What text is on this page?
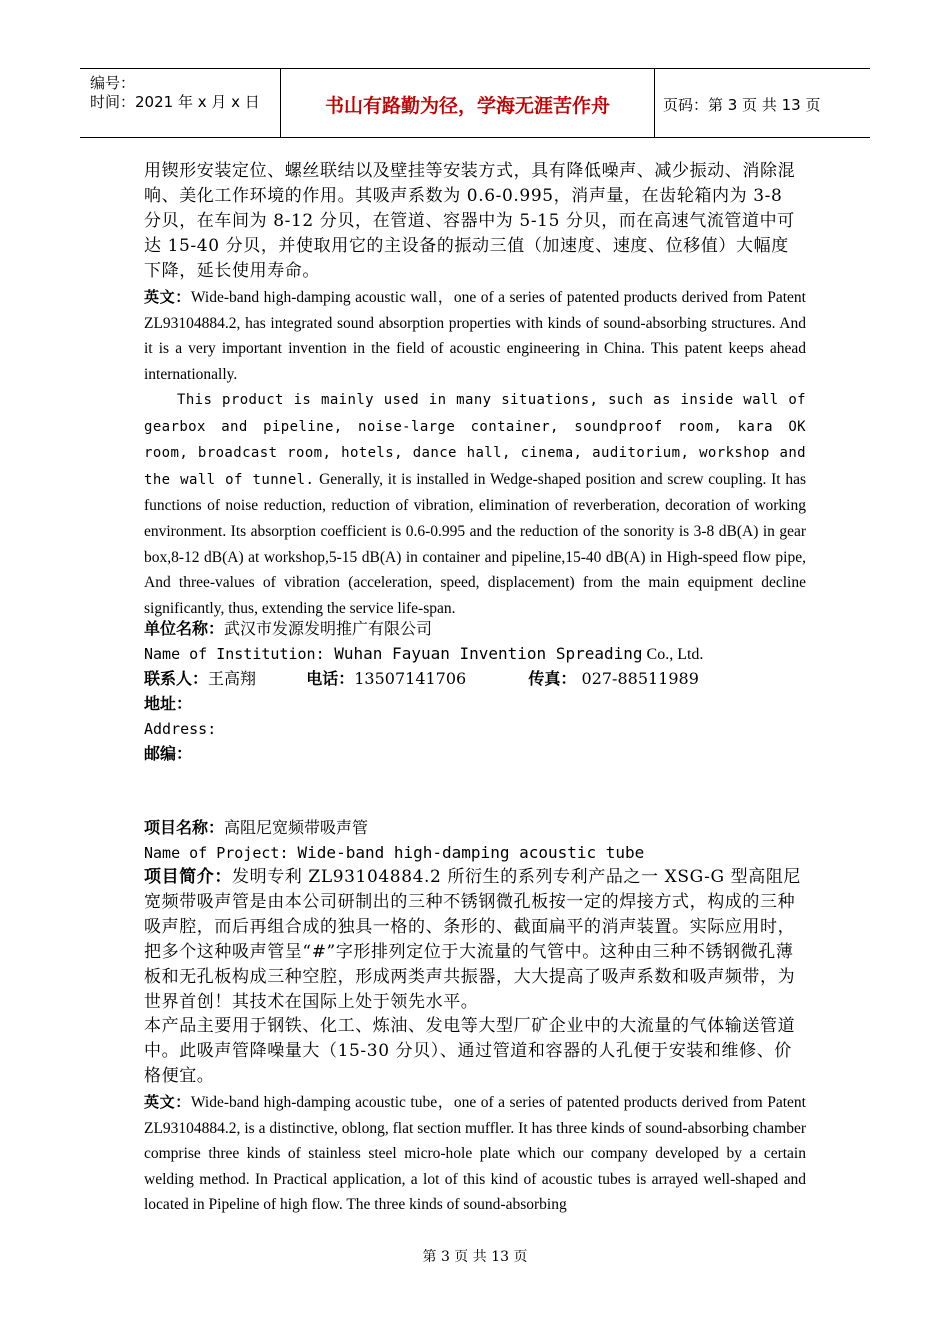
编号：
时间：2021 年 x 月 x 日	书山有路勤为径，学海无涯苦作舟	页码：第 3 页 共 13 页

用锲形安装定位、螺丝联结以及壁挂等安装方式，具有降低噪声、减少振动、消除混响、美化工作环境的作用。其吸声系数为 0.6-0.995，消声量，在齿轮箱内为 3-8 分贝，在车间为 8-12 分贝，在管道、容器中为 5-15 分贝，而在高速气流管道中可达 15-40 分贝，并使取用它的主设备的振动三值（加速度、速度、位移值）大幅度下降，延长使用寿命。

英文：Wide-band high-damping acoustic wall，one of a series of patented products derived from Patent ZL93104884.2, has integrated sound absorption properties with kinds of sound-absorbing structures. And it is a very important invention in the field of acoustic engineering in China. This patent keeps ahead internationally.

This product is mainly used in many situations, such as inside wall of gearbox and pipeline, noise-large container, soundproof room, kara OK room, broadcast room, hotels, dance hall, cinema, auditorium, workshop and the wall of tunnel. Generally, it is installed in Wedge-shaped position and screw coupling. It has functions of noise reduction, reduction of vibration, elimination of reverberation, decoration of working environment. Its absorption coefficient is 0.6-0.995 and the reduction of the sonority is 3-8 dB(A) in gear box,8-12 dB(A) at workshop,5-15 dB(A) in container and pipeline,15-40 dB(A) in High-speed flow pipe, And three-values of vibration (acceleration, speed, displacement) from the main equipment decline significantly, thus, extending the service life-span.

单位名称：武汉市发源发明推广有限公司
Name of Institution: Wuhan Fayuan Invention Spreading Co., Ltd.
联系人：王高翔	电话：13507141706	传真： 027-88511989
地址：
Address:
邮编：
项目名称：高阻尼宽频带吸声管
Name of Project: Wide-band high-damping acoustic tube

项目简介：发明专利 ZL93104884.2 所衍生的系列专利产品之一 XSG-G 型高阻尼宽频带吸声管是由本公司研制出的三种不锈钢微孔板按一定的焊接方式，构成的三种吸声腔，而后再组合成的独具一格的、条形的、截面扁平的消声装置。实际应用时，把多个这种吸声管呈“#”字形排列定位于大流量的气管中。这种由三种不锈钢微孔薄板和无孔板构成三种空腔，形成两类声共振器，大大提高了吸声系数和吸声频带，为世界首创！其技术在国际上处于领先水平。

本产品主要用于钢铁、化工、炼油、发电等大型厂矿企业中的大流量的气体输送管道中。此吸声管降噪量大（15-30 分贝）、通过管道和容器的人孔便于安装和维修、价格便宜。

英文：Wide-band high-damping acoustic tube，one of a series of patented products derived from Patent ZL93104884.2, is a distinctive, oblong, flat section muffler. It has three kinds of sound-absorbing chamber comprise three kinds of stainless steel micro-hole plate which our company developed by a certain welding method. In Practical application, a lot of this kind of acoustic tubes is arrayed well-shaped and located in Pipeline of high flow. The three kinds of sound-absorbing

第 3 页 共 13 页
